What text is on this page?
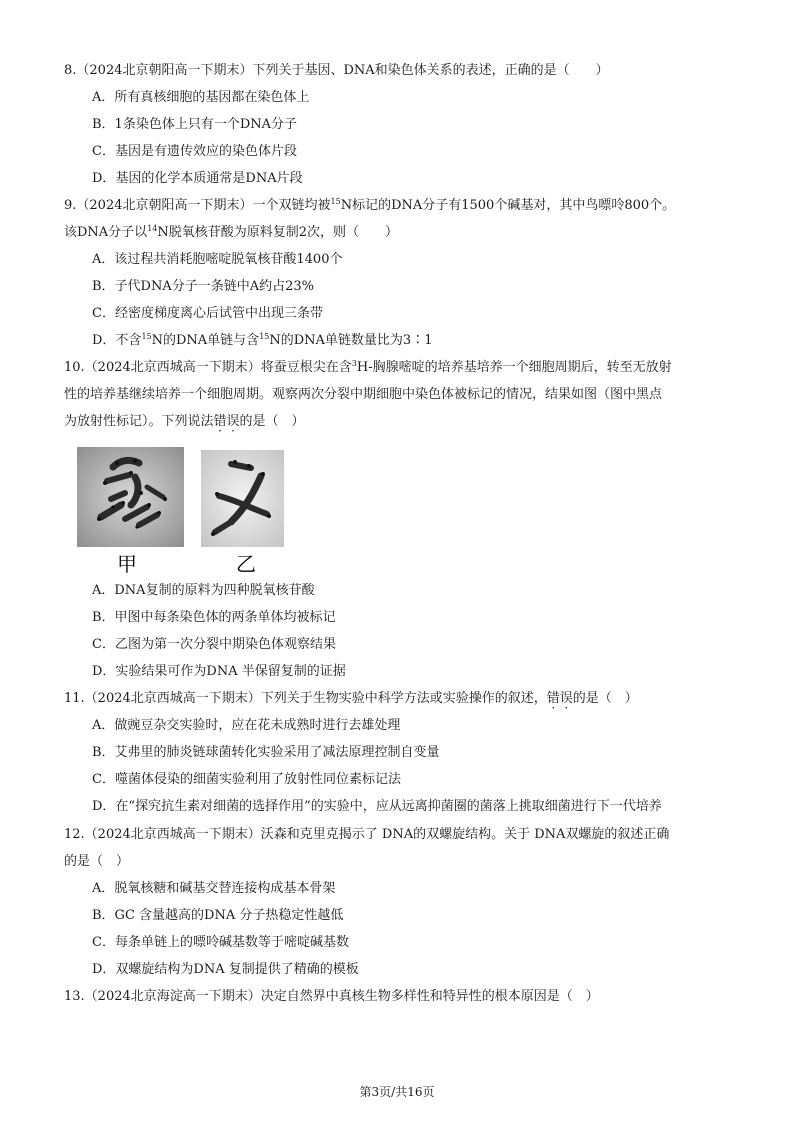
8.（2024北京朝阳高一下期末）下列关于基因、DNA和染色体关系的表述，正确的是（　　）
A．所有真核细胞的基因都在染色体上
B．1条染色体上只有一个DNA分子
C．基因是有遗传效应的染色体片段
D．基因的化学本质通常是DNA片段
9.（2024北京朝阳高一下期末）一个双链均被$^{15}$N标记的DNA分子有1500个碱基对，其中鸟嘌呤800个。
该DNA分子以$^{14}$N脱氧核苷酸为原料复制2次，则（　　）
A．该过程共消耗胞嘧啶脱氧核苷酸1400个
B．子代DNA分子一条链中A约占23%
C．经密度梯度离心后试管中出现三条带
D．不含$^{15}$N的DNA单链与含$^{15}$N的DNA单链数量比为3∶1
10.（2024北京西城高一下期末）将蚕豆根尖在含$^3$H-胸腺嘧啶的培养基培养一个细胞周期后，转至无放射
性的培养基继续培养一个细胞周期。观察两次分裂中期细胞中染色体被标记的情况，结果如图（图中黑点
为放射性标记）。下列说法错误的是（　）
甲	乙
A．DNA复制的原料为四种脱氧核苷酸
B．甲图中每条染色体的两条单体均被标记
C．乙图为第一次分裂中期染色体观察结果
D．实验结果可作为DNA 半保留复制的证据
11.（2024北京西城高一下期末）下列关于生物实验中科学方法或实验操作的叙述，错误的是（　）
A．做豌豆杂交实验时，应在花未成熟时进行去雄处理
B．艾弗里的肺炎链球菌转化实验采用了减法原理控制自变量
C．噬菌体侵染的细菌实验利用了放射性同位素标记法
D．在“探究抗生素对细菌的选择作用”的实验中，应从远离抑菌圈的菌落上挑取细菌进行下一代培养
12.（2024北京西城高一下期末）沃森和克里克揭示了 DNA的双螺旋结构。关于 DNA双螺旋的叙述正确
的是（　）
A．脱氧核糖和碱基交替连接构成基本骨架
B．GC 含量越高的DNA 分子热稳定性越低
C．每条单链上的嘌呤碱基数等于嘧啶碱基数
D．双螺旋结构为DNA 复制提供了精确的模板
13.（2024北京海淀高一下期末）决定自然界中真核生物多样性和特异性的根本原因是（　）
第3页/共16页
